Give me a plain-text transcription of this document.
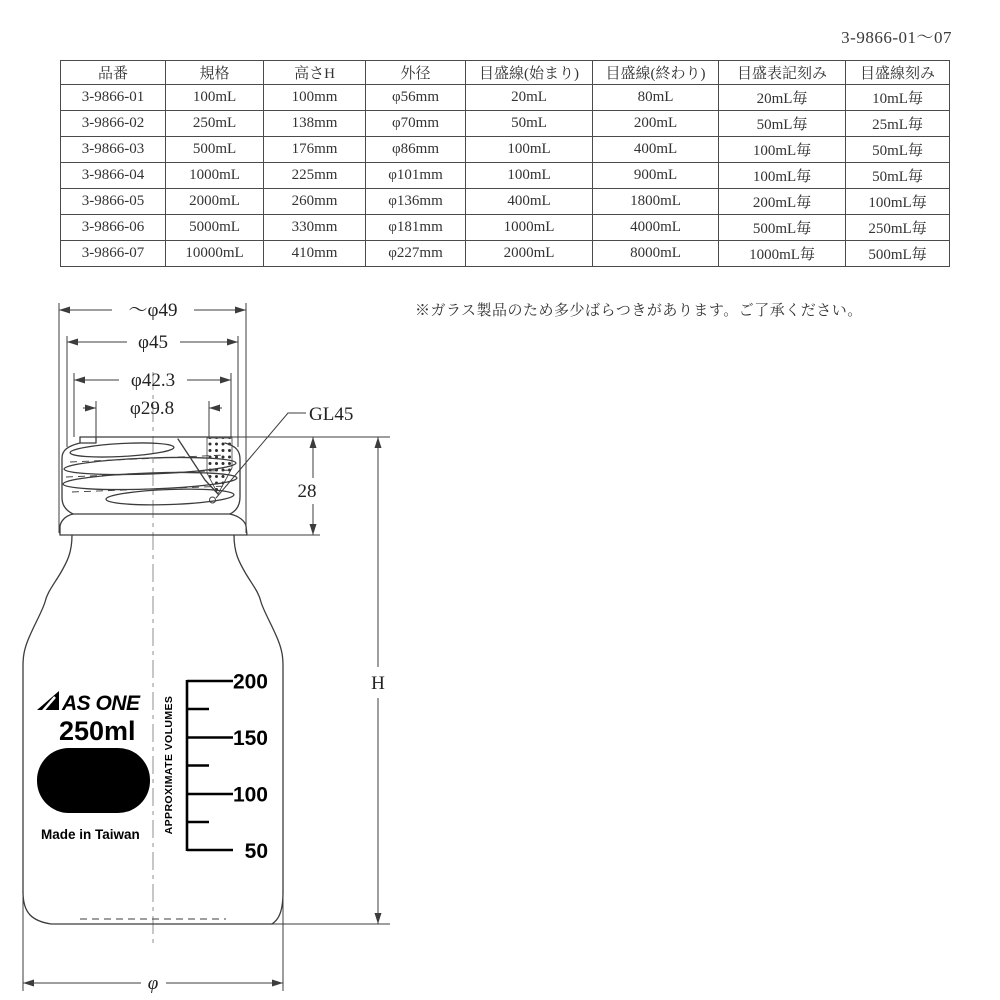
3-9866-01～07
品番	規格	高さH	外径	目盛線(始まり)	目盛線(終わり)	目盛表記刻み	目盛線刻み
3-9866-01	100mL	100mm	φ56mm	20mL	80mL	20mL毎	10mL毎
3-9866-02	250mL	138mm	φ70mm	50mL	200mL	50mL毎	25mL毎
3-9866-03	500mL	176mm	φ86mm	100mL	400mL	100mL毎	50mL毎
3-9866-04	1000mL	225mm	φ101mm	100mL	900mL	100mL毎	50mL毎
3-9866-05	2000mL	260mm	φ136mm	400mL	1800mL	200mL毎	100mL毎
3-9866-06	5000mL	330mm	φ181mm	1000mL	4000mL	500mL毎	250mL毎
3-9866-07	10000mL	410mm	φ227mm	2000mL	8000mL	1000mL毎	500mL毎
※ガラス製品のため多少ばらつきがあります。ご了承ください。
～φ49
φ45
φ42.3
φ29.8	GL45
28
H
φ
AS ONE
250ml
Made in Taiwan
200
150
100
50
APPROXIMATE VOLUMES
